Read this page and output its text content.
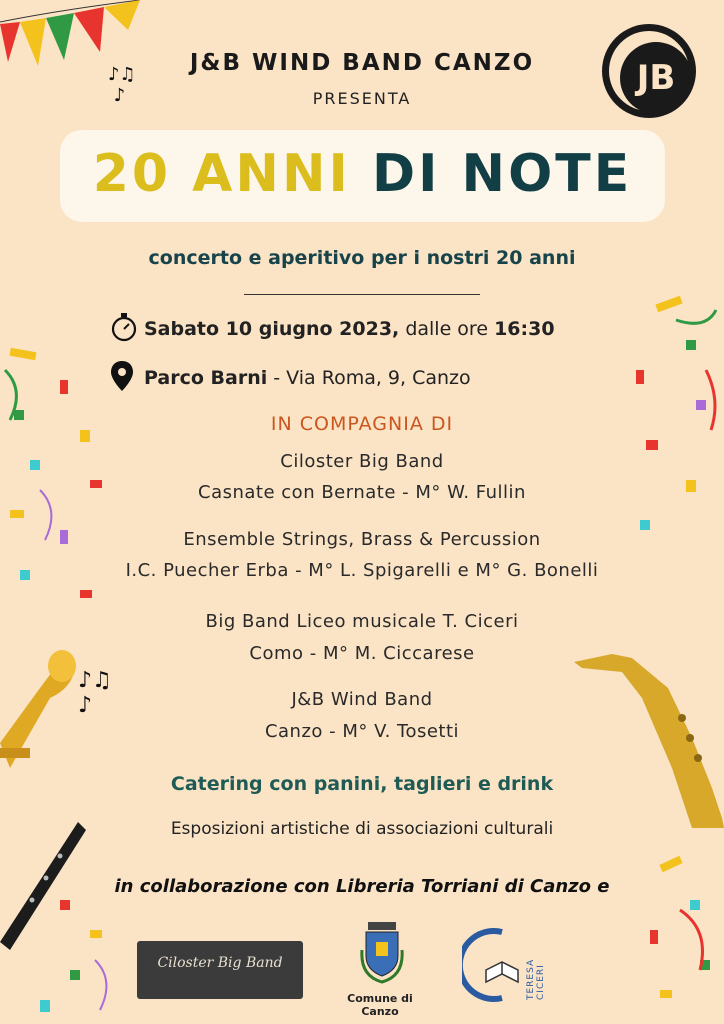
♪♫
♪
J&B WIND BAND CANZO
PRESENTA
JB
20 ANNI DI NOTE
concerto e aperitivo per i nostri 20 anni
Sabato 10 giugno 2023, dalle ore 16:30
Parco Barni - Via Roma, 9, Canzo
IN COMPAGNIA DI
Ciloster Big Band
Casnate con Bernate - M° W. Fullin
Ensemble Strings, Brass & Percussion
I.C. Puecher Erba - M° L. Spigarelli e M° G. Bonelli
Big Band Liceo musicale T. Ciceri
Como - M° M. Ciccarese
J&B Wind Band
Canzo - M° V. Tosetti
Catering con panini, taglieri e drink
Esposizioni artistiche di associazioni culturali
in collaborazione con Libreria Torriani di Canzo e
♪♫
♪
Ciloster Big Band
Comune di Canzo
TERESA CICERI
